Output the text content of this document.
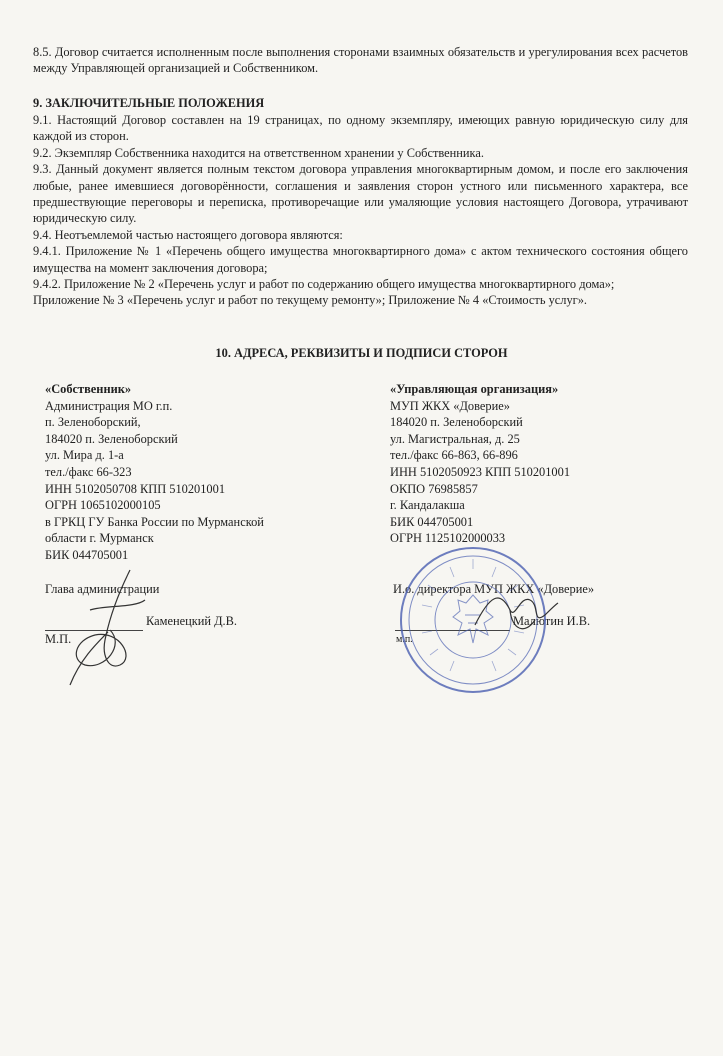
8.5. Договор считается исполненным после выполнения сторонами взаимных обязательств и урегулирования всех расчетов между Управляющей организацией и Собственником.

9. ЗАКЛЮЧИТЕЛЬНЫЕ ПОЛОЖЕНИЯ

9.1. Настоящий Договор составлен на 19 страницах, по одному экземпляру, имеющих равную юридическую силу для каждой из сторон.

9.2. Экземпляр Собственника находится на ответственном хранении у Собственника.

9.3. Данный документ является полным текстом договора управления многоквартирным домом, и после его заключения любые, ранее имевшиеся договорённости, соглашения и заявления сторон устного или письменного характера, все предшествующие переговоры и переписка, противоречащие или умаляющие условия настоящего Договора, утрачивают юридическую силу.

9.4. Неотъемлемой частью настоящего договора являются:

9.4.1. Приложение № 1 «Перечень общего имущества многоквартирного дома» с актом технического состояния общего имущества на момент заключения договора;

9.4.2. Приложение № 2 «Перечень услуг и работ по содержанию общего имущества многоквартирного дома»;

Приложение № 3 «Перечень услуг и работ по текущему ремонту»; Приложение № 4 «Стоимость услуг».

10. АДРЕСА, РЕКВИЗИТЫ И ПОДПИСИ СТОРОН
«Собственник»
Администрация МО г.п.
п. Зеленоборский,
184020 п. Зеленоборский
ул. Мира д. 1-а
тел./факс 66-323
ИНН 5102050708 КПП 510201001
ОГРН 1065102000105
в ГРКЦ ГУ Банка России по Мурманской
области г. Мурманск
БИК 044705001
«Управляющая организация»
МУП ЖКХ «Доверие»
184020 п. Зеленоборский
ул. Магистральная, д. 25
тел./факс 66-863, 66-896
ИНН 5102050923 КПП 510201001
ОКПО 76985857
г. Кандалакша
БИК 044705001
ОГРН 1125102000033
Глава администрации
Каменецкий Д.В.
М.П.
И.о. директора МУП ЖКХ «Доверие»
Малютин И.В.
м.п.
